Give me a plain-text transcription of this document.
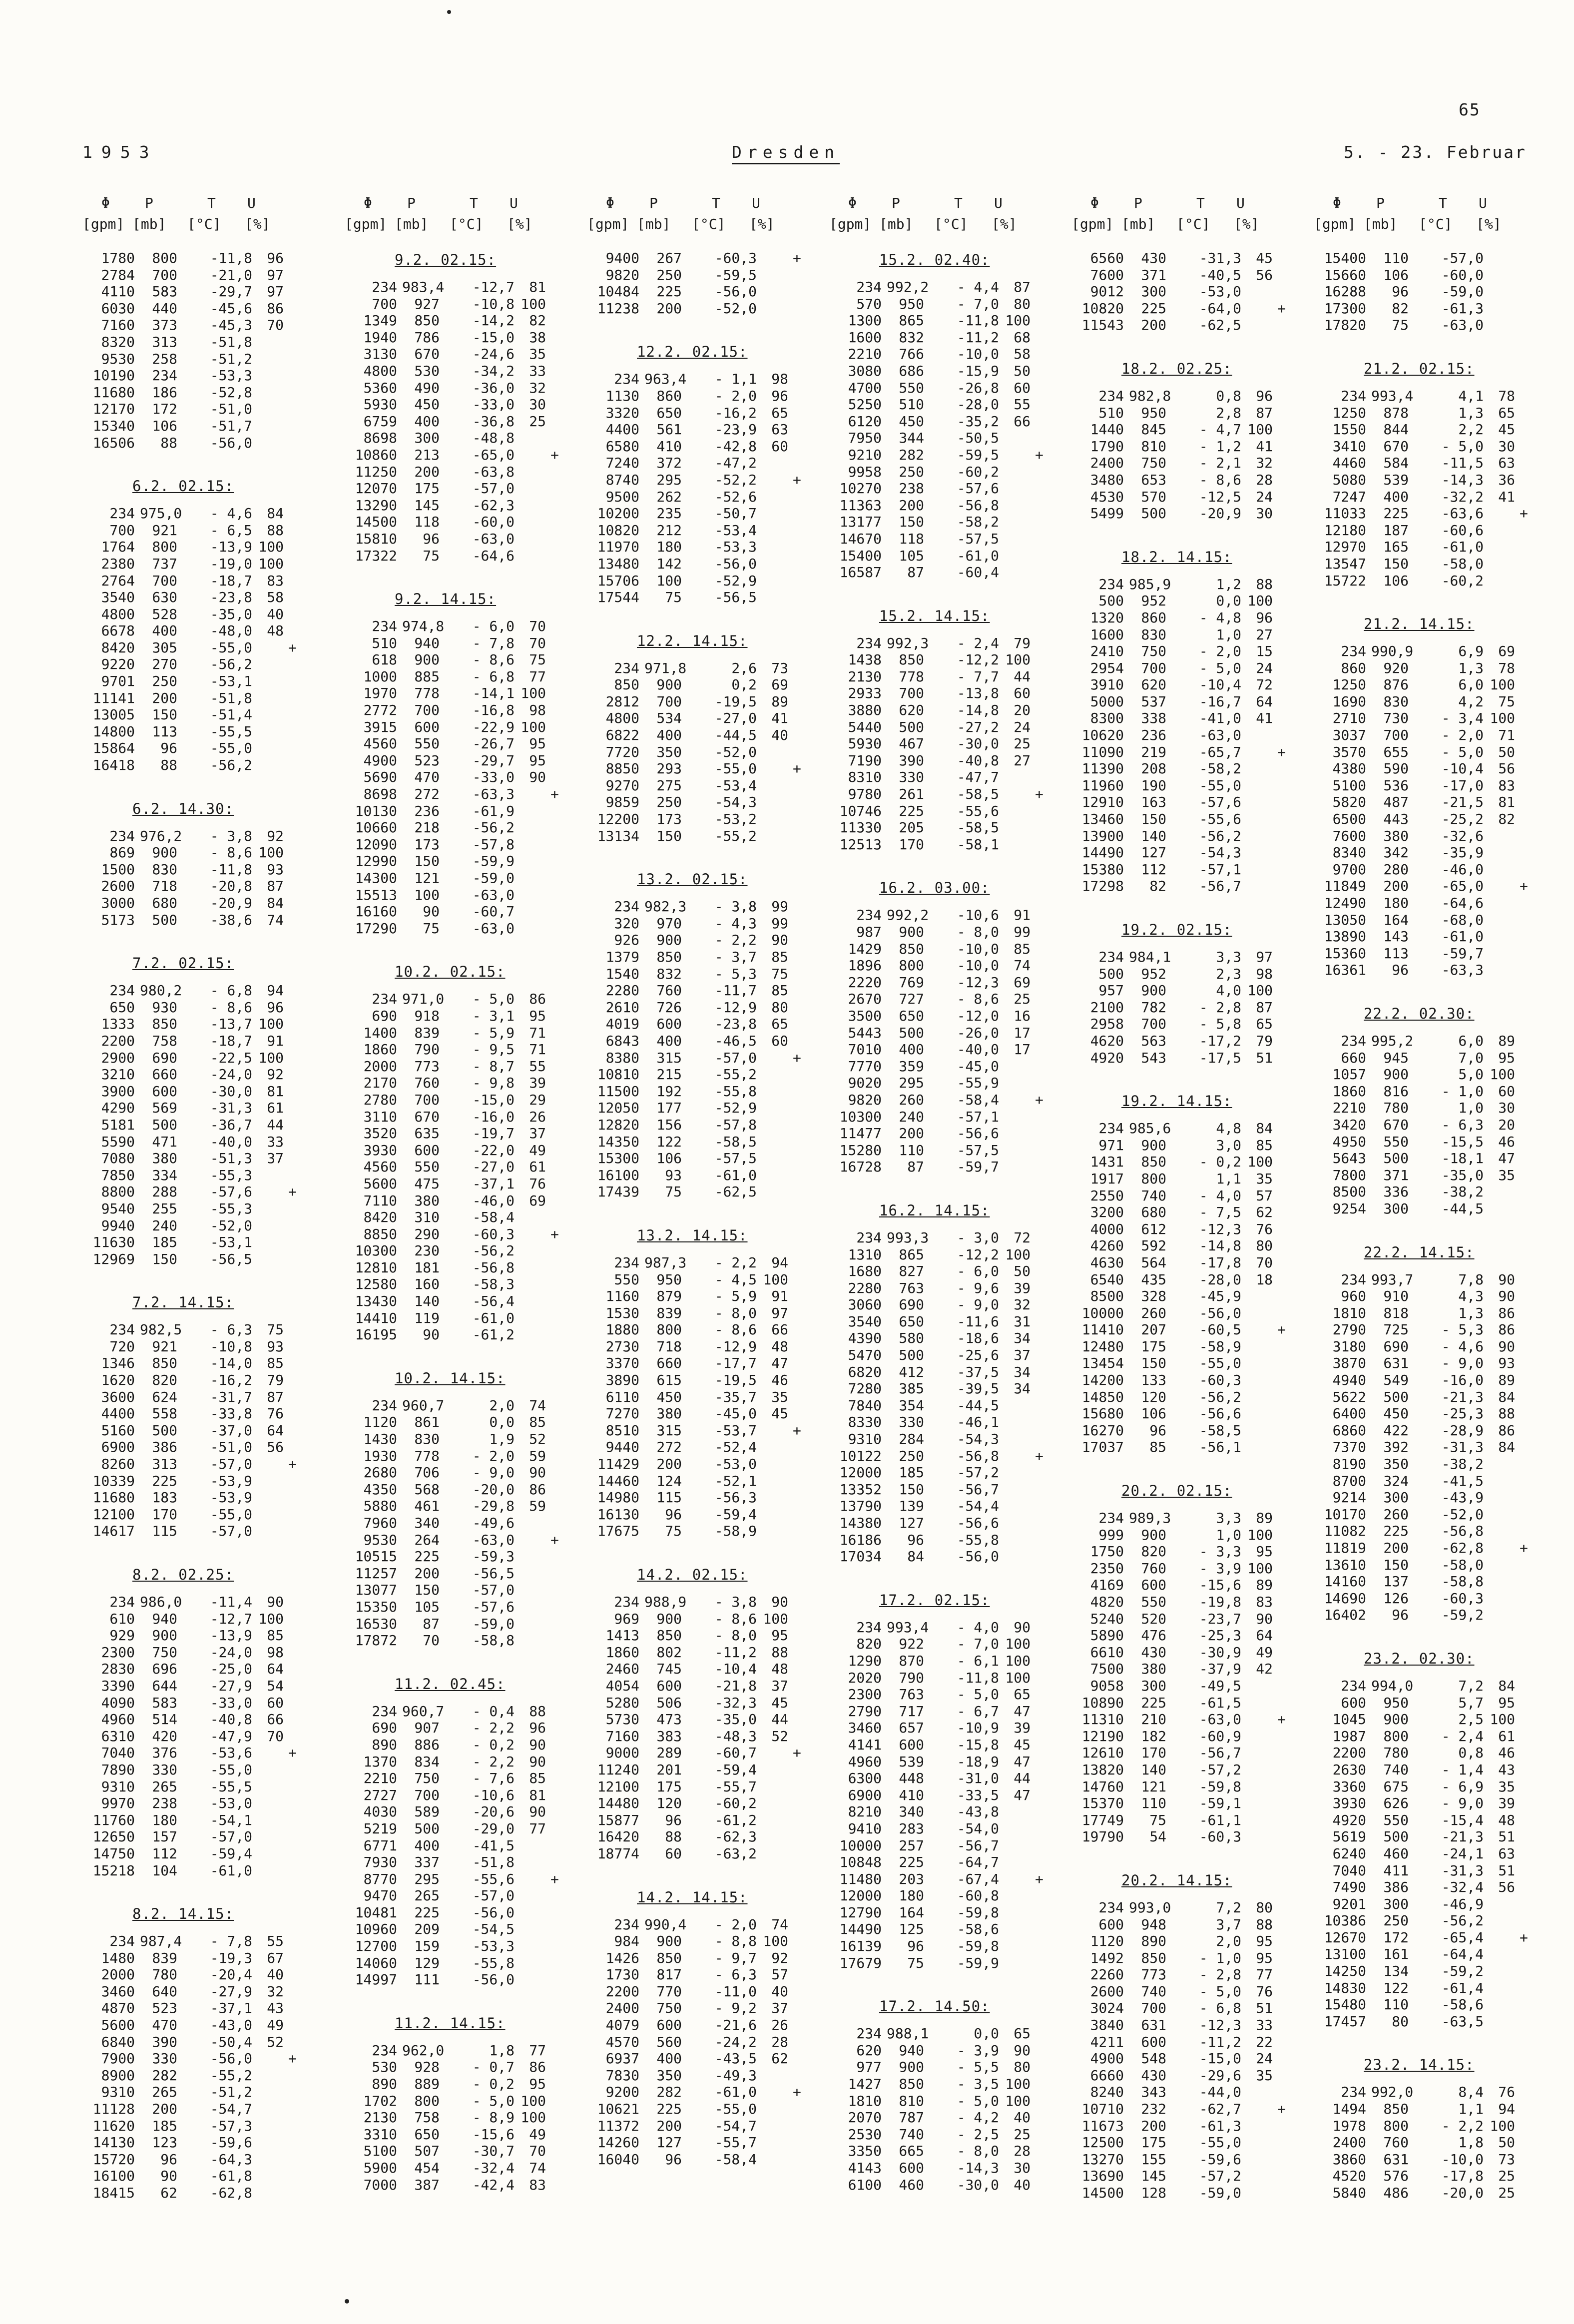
65
1953	Dresden	5. - 23. Februar
Φ	P	T U
[gpm] [mb] [°C] [%]
1780	800	-11,8	96
2784	700	-21,0	97
4110	583	-29,7	97
6030	440	-45,6	86
7160	373	-45,3	70
8320	313	-51,8
9530	258	-51,2
10190	234	-53,3
11680	186	-52,8
12170	172	-51,0
15340	106	-51,7
16506	88	-56,0
6.2. 02.15:
234 975,0	- 4,6	84
700	921	- 6,5	88
1764	800	-13,9 100
2380	737	-19,0 100
2764	700	-18,7	83
3540	630	-23,8	58
4800	528	-35,0	40
6678	400	-48,0	48
8420	305	-55,0	+
9220	270	-56,2
9701	250	-53,1
11141	200	-51,8
13005	150	-51,4
14800	113	-55,5
15864	96	-55,0
16418	88	-56,2
6.2. 14.30:
234 976,2	- 3,8	92
869	900	- 8,6 100
1500	830	-11,8	93
2600	718	-20,8	87
3000	680	-20,9	84
5173	500	-38,6	74
7.2. 02.15:
234 980,2	- 6,8	94
650	930	- 8,6	96
1333	850	-13,7 100
2200	758	-18,7	91
2900	690	-22,5 100
3210	660	-24,0	92
3900	600	-30,0	81
4290	569	-31,3	61
5181	500	-36,7	44
5590	471	-40,0	33
7080	380	-51,3	37
7850	334	-55,3
8800	288	-57,6	+
9540	255	-55,3
9940	240	-52,0
11630	185	-53,1
12969	150	-56,5
7.2. 14.15:
234 982,5	- 6,3	75
720	921	-10,8	93
1346	850	-14,0	85
1620	820	-16,2	79
3600	624	-31,7	87
4400	558	-33,8	76
5160	500	-37,0	64
6900	386	-51,0	56
8260	313	-57,0	+
10339	225	-53,9
11680	183	-53,9
12100	170	-55,0
14617	115	-57,0
8.2. 02.25:
234 986,0	-11,4	90
610	940	-12,7 100
929	900	-13,9	85
2300	750	-24,0	98
2830	696	-25,0	64
3390	644	-27,9	54
4090	583	-33,0	60
4960	514	-40,8	66
6310	420	-47,9	70
7040	376	-53,6	+
7890	330	-55,0
9310	265	-55,5
9970	238	-53,0
11760	180	-54,1
12650	157	-57,0
14750	112	-59,4
15218	104	-61,0
8.2. 14.15:
234 987,4	- 7,8	55
1480	839	-19,3	67
2000	780	-20,4	40
3460	640	-27,9	32
4870	523	-37,1	43
5600	470	-43,0	49
6840	390	-50,4	52
7900	330	-56,0	+
8900	282	-55,2
9310	265	-51,2
11128	200	-54,7
11620	185	-57,3
14130	123	-59,6
15720	96	-64,3
16100	90	-61,8
18415	62	-62,8
Φ	P	T U
[gpm] [mb] [°C] [%]
9.2. 02.15:
234 983,4	-12,7	81
700	927	-10,8 100
1349	850	-14,2	82
1940	786	-15,0	38
3130	670	-24,6	35
4800	530	-34,2	33
5360	490	-36,0	32
5930	450	-33,0	30
6759	400	-36,8	25
8698	300	-48,8
10860	213	-65,0	+
11250	200	-63,8
12070	175	-57,0
13290	145	-62,3
14500	118	-60,0
15810	96	-63,0
17322	75	-64,6
9.2. 14.15:
234 974,8	- 6,0	70
510	940	- 7,8	70
618	900	- 8,6	75
1000	885	- 6,8	77
1970	778	-14,1 100
2772	700	-16,8	98
3915	600	-22,9 100
4560	550	-26,7	95
4900	523	-29,7	95
5690	470	-33,0	90
8698	272	-63,3	+
10130	236	-61,9
10660	218	-56,2
12090	173	-57,8
12990	150	-59,9
14300	121	-59,0
15513	100	-63,0
16160	90	-60,7
17290	75	-63,0
10.2. 02.15:
234 971,0	- 5,0	86
690	918	- 3,1	95
1400	839	- 5,9	71
1860	790	- 9,5	71
2000	773	- 8,7	55
2170	760	- 9,8	39
2780	700	-15,0	29
3110	670	-16,0	26
3520	635	-19,7	37
3930	600	-22,0	49
4560	550	-27,0	61
5600	475	-37,1	76
7110	380	-46,0	69
8420	310	-58,4
8850	290	-60,3	+
10300	230	-56,2
12810	181	-56,8
12580	160	-58,3
13430	140	-56,4
14410	119	-61,0
16195	90	-61,2
10.2. 14.15:
234 960,7	2,0	74
1120	861	0,0	85
1430	830	1,9	52
1930	778	- 2,0	59
2680	706	- 9,0	90
4350	568	-20,0	86
5880	461	-29,8	59
7960	340	-49,6
9530	264	-63,0	+
10515	225	-59,3
11257	200	-56,5
13077	150	-57,0
15350	105	-57,6
16530	87	-59,0
17872	70	-58,8
11.2. 02.45:
234 960,7	- 0,4	88
690	907	- 2,2	96
890	886	- 0,2	90
1370	834	- 2,2	90
2210	750	- 7,6	85
2727	700	-10,6	81
4030	589	-20,6	90
5219	500	-29,0	77
6771	400	-41,5
7930	337	-51,8
8770	295	-55,6	+
9470	265	-57,0
10481	225	-56,0
10960	209	-54,5
12700	159	-53,3
14060	129	-55,8
14997	111	-56,0
11.2. 14.15:
234 962,0	1,8	77
530	928	- 0,7	86
890	889	- 0,2	95
1702	800	- 5,0 100
2130	758	- 8,9 100
3310	650	-15,6	49
5100	507	-30,7	70
5900	454	-32,4	74
7000	387	-42,4	83
Φ	P	T U
[gpm] [mb] [°C] [%]
9400	267	-60,3	+
9820	250	-59,5
10484	225	-56,0
11238	200	-52,0
12.2. 02.15:
234 963,4	- 1,1	98
1130	860	- 2,0	96
3320	650	-16,2	65
4400	561	-23,9	63
6580	410	-42,8	60
7240	372	-47,2
8740	295	-52,2	+
9500	262	-52,6
10200	235	-50,7
10820	212	-53,4
11970	180	-53,3
13480	142	-56,0
15706	100	-52,9
17544	75	-56,5
12.2. 14.15:
234 971,8	2,6	73
850	900	0,2	69
2812	700	-19,5	89
4800	534	-27,0	41
6822	400	-44,5	40
7720	350	-52,0
8850	293	-55,0	+
9270	275	-53,4
9859	250	-54,3
12200	173	-53,2
13134	150	-55,2
13.2. 02.15:
234 982,3	- 3,8	99
320	970	- 4,3	99
926	900	- 2,2	90
1379	850	- 3,7	85
1540	832	- 5,3	75
2280	760	-11,7	85
2610	726	-12,9	80
4019	600	-23,8	65
6843	400	-46,5	60
8380	315	-57,0	+
10810	215	-55,2
11500	192	-55,8
12050	177	-52,9
12820	156	-57,8
14350	122	-58,5
15300	106	-57,5
16100	93	-61,0
17439	75	-62,5
13.2. 14.15:
234 987,3	- 2,2	94
550	950	- 4,5 100
1160	879	- 5,9	91
1530	839	- 8,0	97
1880	800	- 8,6	66
2730	718	-12,9	48
3370	660	-17,7	47
3890	615	-19,5	46
6110	450	-35,7	35
7270	380	-45,0	45
8510	315	-53,7	+
9440	272	-52,4
11429	200	-53,0
14460	124	-52,1
14980	115	-56,3
16130	96	-59,4
17675	75	-58,9
14.2. 02.15:
234 988,9	- 3,8	90
969	900	- 8,6 100
1413	850	- 8,0	95
1860	802	-11,2	88
2460	745	-10,4	48
4054	600	-21,8	37
5280	506	-32,3	45
5730	473	-35,0	44
7160	383	-48,3	52
9000	289	-60,7	+
11240	201	-59,4
12100	175	-55,7
14480	120	-60,2
15877	96	-61,2
16420	88	-62,3
18774	60	-63,2
14.2. 14.15:
234 990,4	- 2,0	74
984	900	- 8,8 100
1426	850	- 9,7	92
1730	817	- 6,3	57
2200	770	-11,0	40
2400	750	- 9,2	37
4079	600	-21,6	26
4570	560	-24,2	28
6937	400	-43,5	62
7830	350	-49,3
9200	282	-61,0	+
10621	225	-55,0
11372	200	-54,7
14260	127	-55,7
16040	96	-58,4
Φ	P	T U
[gpm] [mb] [°C] [%]
15.2. 02.40:
234 992,2	- 4,4	87
570	950	- 7,0	80
1300	865	-11,8 100
1600	832	-11,2	68
2210	766	-10,0	58
3080	686	-15,9	50
4700	550	-26,8	60
5250	510	-28,0	55
6120	450	-35,2	66
7950	344	-50,5
9210	282	-59,5	+
9958	250	-60,2
10270	238	-57,6
11363	200	-56,8
13177	150	-58,2
14670	118	-57,5
15400	105	-61,0
16587	87	-60,4
15.2. 14.15:
234 992,3	- 2,4	79
1438	850	-12,2 100
2130	778	- 7,7	44
2933	700	-13,8	60
3880	620	-14,8	20
5440	500	-27,2	24
5930	467	-30,0	25
7190	390	-40,8	27
8310	330	-47,7
9780	261	-58,5	+
10746	225	-55,6
11330	205	-58,5
12513	170	-58,1
16.2. 03.00:
234 992,2	-10,6	91
987	900	- 8,0	99
1429	850	-10,0	85
1896	800	-10,0	74
2220	769	-12,3	69
2670	727	- 8,6	25
3500	650	-12,0	16
5443	500	-26,0	17
7010	400	-40,0	17
7770	359	-45,0
9020	295	-55,9
9820	260	-58,4	+
10300	240	-57,1
11477	200	-56,6
15280	110	-57,5
16728	87	-59,7
16.2. 14.15:
234 993,3	- 3,0	72
1310	865	-12,2 100
1680	827	- 6,0	50
2280	763	- 9,6	39
3060	690	- 9,0	32
3540	650	-11,6	31
4390	580	-18,6	34
5470	500	-25,6	37
6820	412	-37,5	34
7280	385	-39,5	34
7840	354	-44,5
8330	330	-46,1
9310	284	-54,3
10122	250	-56,8	+
12000	185	-57,2
13352	150	-56,7
13790	139	-54,4
14380	127	-56,6
16186	96	-55,8
17034	84	-56,0
17.2. 02.15:
234 993,4	- 4,0	90
820	922	- 7,0 100
1290	870	- 6,1 100
2020	790	-11,8 100
2300	763	- 5,0	65
2790	717	- 6,7	47
3460	657	-10,9	39
4141	600	-15,8	45
4960	539	-18,9	47
6300	448	-31,0	44
6900	410	-33,5	47
8210	340	-43,8
9410	283	-54,0
10000	257	-56,7
10848	225	-64,7
11480	203	-67,4	+
12000	180	-60,8
12790	164	-59,8
14490	125	-58,6
16139	96	-59,8
17679	75	-59,9
17.2. 14.50:
234 988,1	0,0	65
620	940	- 3,9	90
977	900	- 5,5	80
1427	850	- 3,5 100
1810	810	- 5,0 100
2070	787	- 4,2	40
2530	740	- 2,5	25
3350	665	- 8,0	28
4143	600	-14,3	30
6100	460	-30,0	40
Φ	P	T U
[gpm] [mb] [°C] [%]
6560	430	-31,3	45
7600	371	-40,5	56
9012	300	-53,0
10820	225	-64,0	+
11543	200	-62,5
18.2. 02.25:
234 982,8	0,8	96
510	950	2,8	87
1440	845	- 4,7 100
1790	810	- 1,2	41
2400	750	- 2,1	32
3480	653	- 8,6	28
4530	570	-12,5	24
5499	500	-20,9	30
18.2. 14.15:
234 985,9	1,2	88
500	952	0,0 100
1320	860	- 4,8	96
1600	830	1,0	27
2410	750	- 2,0	15
2954	700	- 5,0	24
3910	620	-10,4	72
5000	537	-16,7	64
8300	338	-41,0	41
10620	236	-63,0
11090	219	-65,7	+
11390	208	-58,2
11960	190	-55,0
12910	163	-57,6
13460	150	-55,6
13900	140	-56,2
14490	127	-54,3
15380	112	-57,1
17298	82	-56,7
19.2. 02.15:
234 984,1	3,3	97
500	952	2,3	98
957	900	4,0 100
2100	782	- 2,8	87
2958	700	- 5,8	65
4620	563	-17,2	79
4920	543	-17,5	51
19.2. 14.15:
234 985,6	4,8	84
971	900	3,0	85
1431	850	- 0,2 100
1917	800	1,1	35
2550	740	- 4,0	57
3200	680	- 7,5	62
4000	612	-12,3	76
4260	592	-14,8	80
4630	564	-17,8	70
6540	435	-28,0	18
8500	328	-45,9
10000	260	-56,0
11410	207	-60,5	+
12480	175	-58,9
13454	150	-55,0
14200	133	-60,3
14850	120	-56,2
15680	106	-56,6
16270	96	-58,5
17037	85	-56,1
20.2. 02.15:
234 989,3	3,3	89
999	900	1,0 100
1750	820	- 3,3	95
2350	760	- 3,9 100
4169	600	-15,6	89
4820	550	-19,8	83
5240	520	-23,7	90
5890	476	-25,3	64
6610	430	-30,9	49
7500	380	-37,9	42
9058	300	-49,5
10890	225	-61,5
11310	210	-63,0	+
12190	182	-60,9
12610	170	-56,7
13820	140	-57,2
14760	121	-59,8
15370	110	-59,1
17749	75	-61,1
19790	54	-60,3
20.2. 14.15:
234 993,0	7,2	80
600	948	3,7	88
1120	890	2,0	95
1492	850	- 1,0	95
2260	773	- 2,8	77
2600	740	- 5,0	76
3024	700	- 6,8	51
3840	631	-12,3	33
4211	600	-11,2	22
4900	548	-15,0	24
6660	430	-29,6	35
8240	343	-44,0
10710	232	-62,7	+
11673	200	-61,3
12500	175	-55,0
13270	155	-59,6
13690	145	-57,2
14500	128	-59,0
Φ	P	T U
[gpm] [mb] [°C] [%]
15400	110	-57,0
15660	106	-60,0
16288	96	-59,0
17300	82	-61,3
17820	75	-63,0
21.2. 02.15:
234 993,4	4,1	78
1250	878	1,3	65
1550	844	2,2	45
3410	670	- 5,0	30
4460	584	-11,5	63
5080	539	-14,3	36
7247	400	-32,2	41
11033	225	-63,6	+
12180	187	-60,6
12970	165	-61,0
13547	150	-58,0
15722	106	-60,2
21.2. 14.15:
234 990,9	6,9	69
860	920	1,3	78
1250	876	6,0 100
1690	830	4,2	75
2710	730	- 3,4 100
3037	700	- 2,0	71
3570	655	- 5,0	50
4380	590	-10,4	56
5100	536	-17,0	83
5820	487	-21,5	81
6500	443	-25,2	82
7600	380	-32,6
8340	342	-35,9
9700	280	-46,0
11849	200	-65,0	+
12490	180	-64,6
13050	164	-68,0
13890	143	-61,0
15360	113	-59,7
16361	96	-63,3
22.2. 02.30:
234 995,2	6,0	89
660	945	7,0	95
1057	900	5,0 100
1860	816	- 1,0	60
2210	780	1,0	30
3420	670	- 6,3	20
4950	550	-15,5	46
5643	500	-18,1	47
7800	371	-35,0	35
8500	336	-38,2
9254	300	-44,5
22.2. 14.15:
234 993,7	7,8	90
960	910	4,3	90
1810	818	1,3	86
2790	725	- 5,3	86
3180	690	- 4,6	90
3870	631	- 9,0	93
4940	549	-16,0	89
5622	500	-21,3	84
6400	450	-25,3	88
6860	422	-28,9	86
7370	392	-31,3	84
8190	350	-38,2
8700	324	-41,5
9214	300	-43,9
10170	260	-52,0
11082	225	-56,8
11819	200	-62,8	+
13610	150	-58,0
14160	137	-58,8
14690	126	-60,3
16402	96	-59,2
23.2. 02.30:
234 994,0	7,2	84
600	950	5,7	95
1045	900	2,5 100
1987	800	- 2,4	61
2200	780	0,8	46
2630	740	- 1,4	43
3360	675	- 6,9	35
3930	626	- 9,0	39
4920	550	-15,4	48
5619	500	-21,3	51
6240	460	-24,1	63
7040	411	-31,3	51
7490	386	-32,4	56
9201	300	-46,9
10386	250	-56,2
12670	172	-65,4	+
13100	161	-64,4
14250	134	-59,2
14830	122	-61,4
15480	110	-58,6
17457	80	-63,5
23.2. 14.15:
234 992,0	8,4	76
1494	850	1,1	94
1978	800	- 2,2 100
2400	760	1,8	50
3860	631	-10,0	73
4520	576	-17,8	25
5840	486	-20,0	25
